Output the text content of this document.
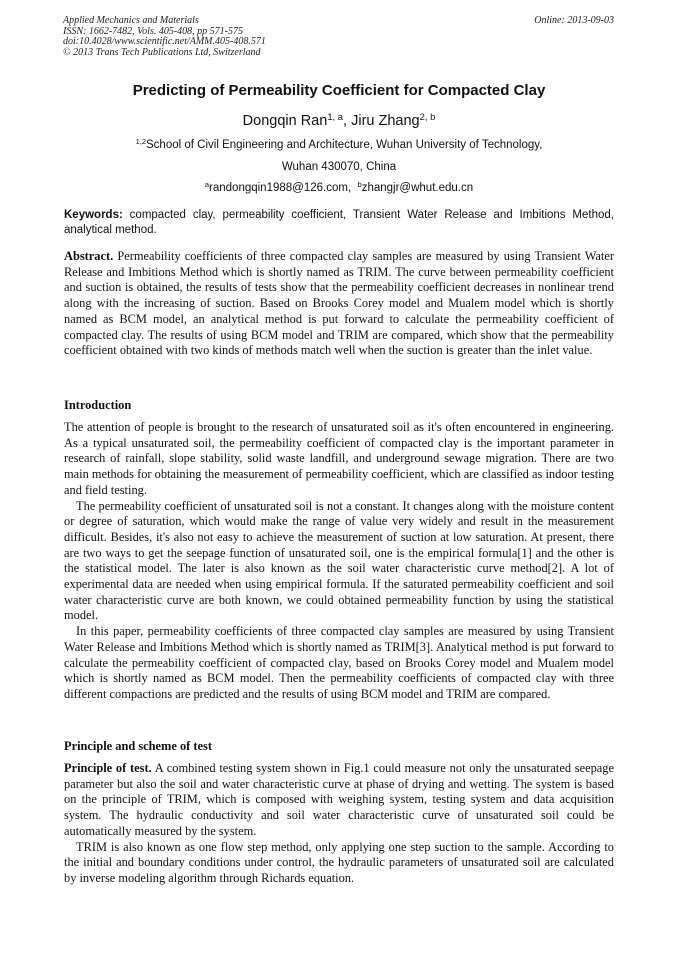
Applied Mechanics and Materials
ISSN: 1662-7482, Vols. 405-408, pp 571-575
doi:10.4028/www.scientific.net/AMM.405-408.571
© 2013 Trans Tech Publications Ltd, Switzerland
Online: 2013-09-03
Predicting of Permeability Coefficient for Compacted Clay
Dongqin Ran$^{1, a}$, Jiru Zhang$^{2, b}$
$^{1,2}$School of Civil Engineering and Architecture, Wuhan University of Technology,
Wuhan 430070, China
$^a$randongqin1988@126.com, $^b$zhangjr@whut.edu.cn
Keywords: compacted clay, permeability coefficient, Transient Water Release and Imbitions Method, analytical method.

Abstract. Permeability coefficients of three compacted clay samples are measured by using Transient Water Release and Imbitions Method which is shortly named as TRIM. The curve between permeability coefficient and suction is obtained, the results of tests show that the permeability coefficient decreases in nonlinear trend along with the increasing of suction. Based on Brooks Corey model and Mualem model which is shortly named as BCM model, an analytical method is put forward to calculate the permeability coefficient of compacted clay. The results of using BCM model and TRIM are compared, which show that the permeability coefficient obtained with two kinds of methods match well when the suction is greater than the inlet value.

Introduction

The attention of people is brought to the research of unsaturated soil as it's often encountered in engineering. As a typical unsaturated soil, the permeability coefficient of compacted clay is the important parameter in research of rainfall, slope stability, solid waste landfill, and underground sewage migration. There are two main methods for obtaining the measurement of permeability coefficient, which are classified as indoor testing and field testing.

The permeability coefficient of unsaturated soil is not a constant. It changes along with the moisture content or degree of saturation, which would make the range of value very widely and result in the measurement difficult. Besides, it's also not easy to achieve the measurement of suction at low saturation. At present, there are two ways to get the seepage function of unsaturated soil, one is the empirical formula[1] and the other is the statistical model. The later is also known as the soil water characteristic curve method[2]. A lot of experimental data are needed when using empirical formula. If the saturated permeability coefficient and soil water characteristic curve are both known, we could obtained permeability function by using the statistical model.

In this paper, permeability coefficients of three compacted clay samples are measured by using Transient Water Release and Imbitions Method which is shortly named as TRIM[3]. Analytical method is put forward to calculate the permeability coefficient of compacted clay, based on Brooks Corey model and Mualem model which is shortly named as BCM model. Then the permeability coefficients of compacted clay with three different compactions are predicted and the results of using BCM model and TRIM are compared.

Principle and scheme of test

Principle of test. A combined testing system shown in Fig.1 could measure not only the unsaturated seepage parameter but also the soil and water characteristic curve at phase of drying and wetting. The system is based on the principle of TRIM, which is composed with weighing system, testing system and data acquisition system. The hydraulic conductivity and soil water characteristic curve of unsaturated soil could be automatically measured by the system.

TRIM is also known as one flow step method, only applying one step suction to the sample. According to the initial and boundary conditions under control, the hydraulic parameters of unsaturated soil are calculated by inverse modeling algorithm through Richards equation.
